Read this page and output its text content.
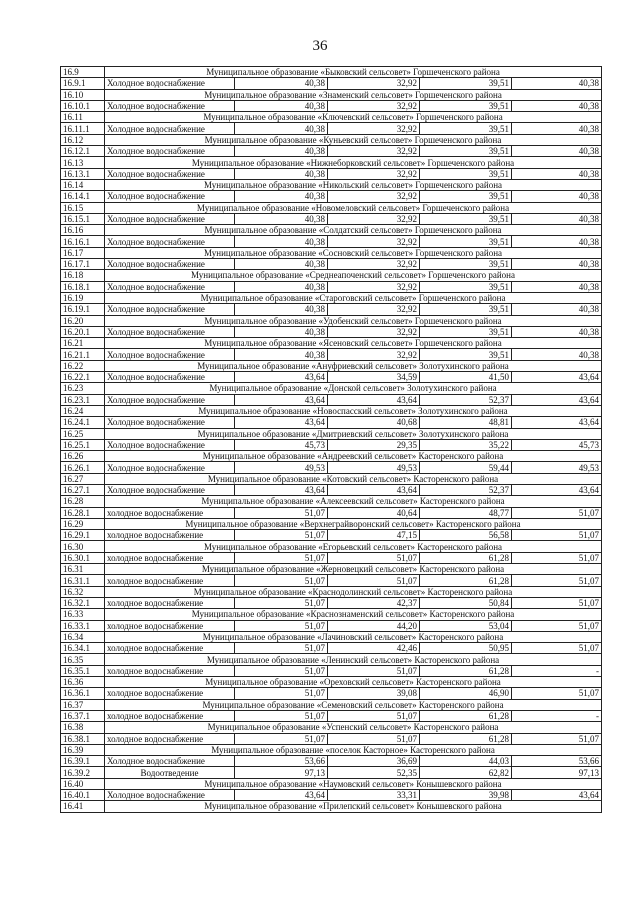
36
16.9	Муниципальное образование «Быковский сельсовет» Горшеченского района				
16.9.1	Холодное водоснабжение	40,38	32,92	39,51	40,38
16.10	Муниципальное образование «Знаменский сельсовет» Горшеченского района				
16.10.1	Холодное водоснабжение	40,38	32,92	39,51	40,38
16.11	Муниципальное образование «Ключевский сельсовет» Горшеченского района				
16.11.1	Холодное водоснабжение	40,38	32,92	39,51	40,38
16.12	Муниципальное образование «Куньевский сельсовет» Горшеченского района				
16.12.1	Холодное водоснабжение	40,38	32,92	39,51	40,38
16.13	Муниципальное образование «Нижнеборковский сельсовет» Горшеченского района				
16.13.1	Холодное водоснабжение	40,38	32,92	39,51	40,38
16.14	Муниципальное образование «Никольский сельсовет» Горшеченского района				
16.14.1	Холодное водоснабжение	40,38	32,92	39,51	40,38
16.15	Муниципальное образование «Новомеловский сельсовет» Горшеченского района				
16.15.1	Холодное водоснабжение	40,38	32,92	39,51	40,38
16.16	Муниципальное образование «Солдатский сельсовет» Горшеченского района				
16.16.1	Холодное водоснабжение	40,38	32,92	39,51	40,38
16.17	Муниципальное образование «Сосновский сельсовет» Горшеченского района				
16.17.1	Холодное водоснабжение	40,38	32,92	39,51	40,38
16.18	Муниципальное образование «Среднеапоченский сельсовет» Горшеченского района				
16.18.1	Холодное водоснабжение	40,38	32,92	39,51	40,38
16.19	Муниципальное образование «Староговский сельсовет» Горшеченского района				
16.19.1	Холодное водоснабжение	40,38	32,92	39,51	40,38
16.20	Муниципальное образование «Удобенский сельсовет» Горшеченского района				
16.20.1	Холодное водоснабжение	40,38	32,92	39,51	40,38
16.21	Муниципальное образование «Ясеновский сельсовет» Горшеченского района				
16.21.1	Холодное водоснабжение	40,38	32,92	39,51	40,38
16.22	Муниципальное образование «Ануфриевский сельсовет» Золотухинского района				
16.22.1	Холодное водоснабжение	43,64	34,59	41,50	43,64
16.23	Муниципальное образование «Донской сельсовет» Золотухинского района				
16.23.1	Холодное водоснабжение	43,64	43,64	52,37	43,64
16.24	Муниципальное образование «Новоспасский сельсовет» Золотухинского района				
16.24.1	Холодное водоснабжение	43,64	40,68	48,81	43,64
16.25	Муниципальное образование «Дмитриевский сельсовет» Золотухинского района				
16.25.1	Холодное водоснабжение	45,73	29,35	35,22	45,73
16.26	Муниципальное образование «Андреевский сельсовет» Касторенского района				
16.26.1	Холодное водоснабжение	49,53	49,53	59,44	49,53
16.27	Муниципальное образование «Котовский сельсовет» Касторенского района				
16.27.1	Холодное водоснабжение	43,64	43,64	52,37	43,64
16.28	Муниципальное образование «Алексеевский сельсовет» Касторенского района				
16.28.1	холодное водоснабжение	51,07	40,64	48,77	51,07
16.29	Муниципальное образование «Верхнеграйворонский сельсовет» Касторенского района				
16.29.1	холодное водоснабжение	51,07	47,15	56,58	51,07
16.30	Муниципальное образование «Егорьевский сельсовет» Касторенского района				
16.30.1	холодное водоснабжение	51,07	51,07	61,28	51,07
16.31	Муниципальное образование «Жерновецкий сельсовет» Касторенского района				
16.31.1	холодное водоснабжение	51,07	51,07	61,28	51,07
16.32	Муниципальное образование «Краснодолинский сельсовет» Касторенского района				
16.32.1	холодное водоснабжение	51,07	42,37	50,84	51,07
16.33	Муниципальное образование «Краснознаменский сельсовет» Касторенского района				
16.33.1	холодное водоснабжение	51,07	44,20	53,04	51,07
16.34	Муниципальное образование «Лачиновский сельсовет» Касторенского района				
16.34.1	холодное водоснабжение	51,07	42,46	50,95	51,07
16.35	Муниципальное образование «Ленинский сельсовет» Касторенского района				
16.35.1	холодное водоснабжение	51,07	51,07	61,28	-
16.36	Муниципальное образование «Ореховский сельсовет» Касторенского района				
16.36.1	холодное водоснабжение	51,07	39,08	46,90	51,07
16.37	Муниципальное образование «Семеновский сельсовет» Касторенского района				
16.37.1	холодное водоснабжение	51,07	51,07	61,28	-
16.38	Муниципальное образование «Успенский сельсовет» Касторенского района				
16.38.1	холодное водоснабжение	51,07	51,07	61,28	51,07
16.39	Муниципальное образование «поселок Касторное» Касторенского района				
16.39.1	Холодное водоснабжение	53,66	36,69	44,03	53,66
16.39.2	Водоотведение	97,13	52,35	62,82	97,13
16.40	Муниципальное образование «Наумовский сельсовет» Конышевского района				
16.40.1	Холодное водоснабжение	43,64	33,31	39,98	43,64
16.41	Муниципальное образование «Прилепский сельсовет» Конышевского района				
